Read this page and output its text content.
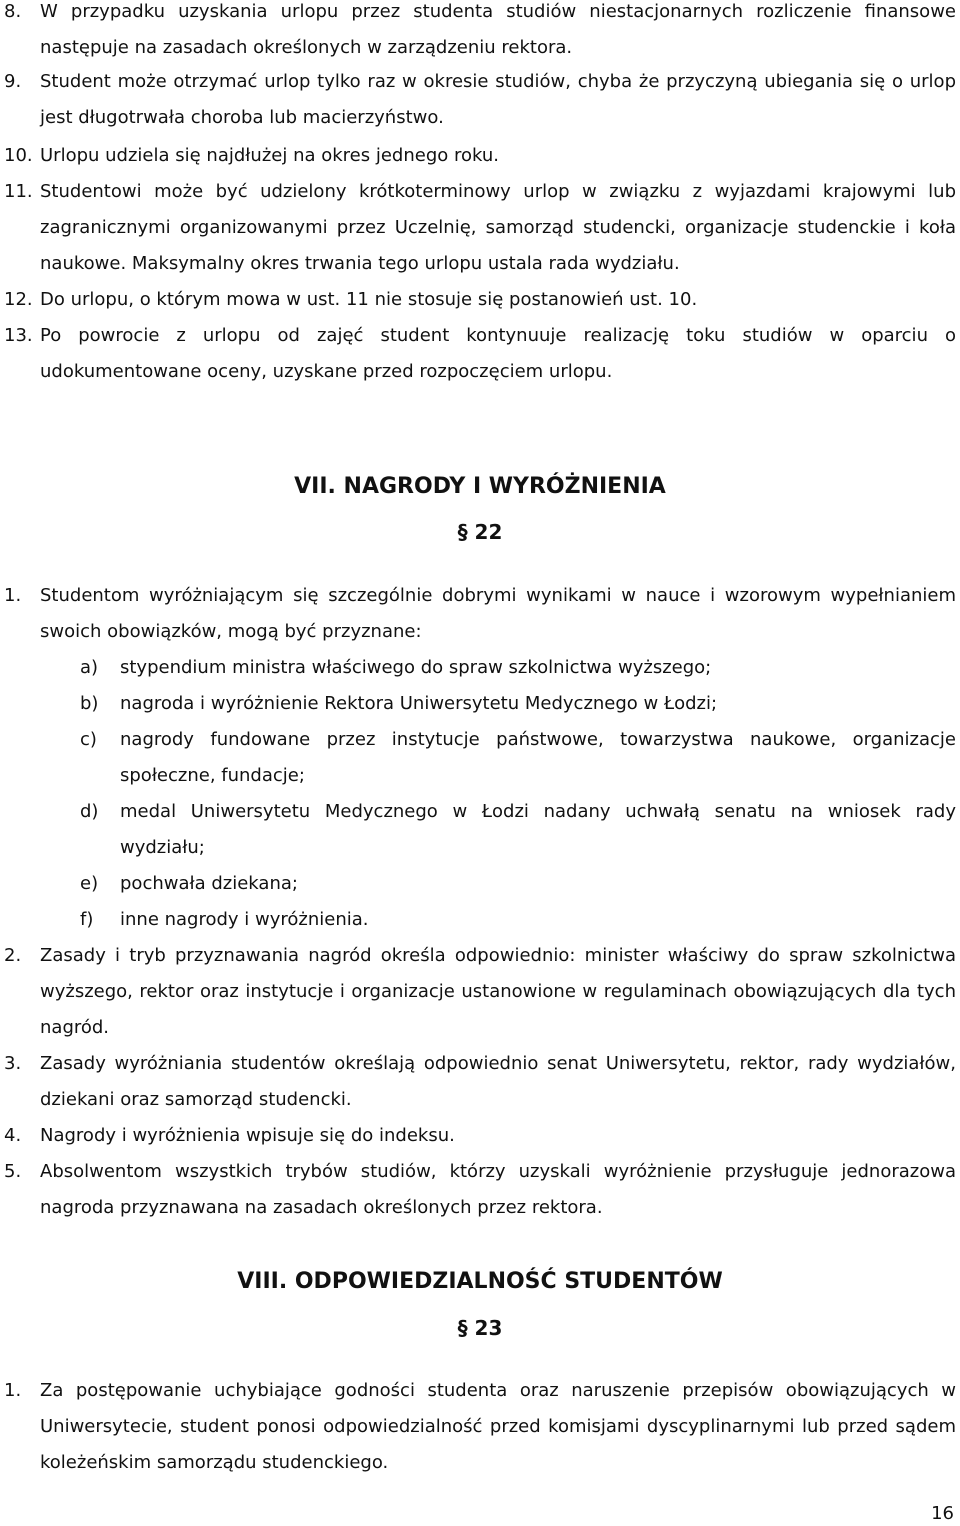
8. W przypadku uzyskania urlopu przez studenta studiów niestacjonarnych rozliczenie finansowe następuje na zasadach określonych w zarządzeniu rektora.
9. Student może otrzymać urlop tylko raz w okresie studiów, chyba że przyczyną ubiegania się o urlop jest długotrwała choroba lub macierzyństwo.
10. Urlopu udziela się najdłużej na okres jednego roku.
11. Studentowi może być udzielony krótkoterminowy urlop w związku z wyjazdami krajowymi lub zagranicznymi organizowanymi przez Uczelnię, samorząd studencki, organizacje studenckie i koła naukowe. Maksymalny okres trwania tego urlopu ustala rada wydziału.
12. Do urlopu, o którym mowa w ust. 11 nie stosuje się postanowień ust. 10.
13. Po powrocie z urlopu od zajęć student kontynuuje realizację toku studiów w oparciu o udokumentowane oceny, uzyskane przed rozpoczęciem urlopu.
VII. NAGRODY I WYRÓŻNIENIA
§ 22
1. Studentom wyróżniającym się szczególnie dobrymi wynikami w nauce i wzorowym wypełnianiem swoich obowiązków, mogą być przyznane:
a) stypendium ministra właściwego do spraw szkolnictwa wyższego;
b) nagroda i wyróżnienie Rektora Uniwersytetu Medycznego w Łodzi;
c) nagrody fundowane przez instytucje państwowe, towarzystwa naukowe, organizacje społeczne, fundacje;
d) medal Uniwersytetu Medycznego w Łodzi nadany uchwałą senatu na wniosek rady wydziału;
e) pochwała dziekana;
f) inne nagrody i wyróżnienia.
2. Zasady i tryb przyznawania nagród określa odpowiednio: minister właściwy do spraw szkolnictwa wyższego, rektor oraz instytucje i organizacje ustanowione w regulaminach obowiązujących dla tych nagród.
3. Zasady wyróżniania studentów określają odpowiednio senat Uniwersytetu, rektor, rady wydziałów, dziekani oraz samorząd studencki.
4. Nagrody i wyróżnienia wpisuje się do indeksu.
5. Absolwentom wszystkich trybów studiów, którzy uzyskali wyróżnienie przysługuje jednorazowa nagroda przyznawana na zasadach określonych przez rektora.
VIII. ODPOWIEDZIALNOŚĆ STUDENTÓW
§ 23
1. Za postępowanie uchybiające godności studenta oraz naruszenie przepisów obowiązujących w Uniwersytecie, student ponosi odpowiedzialność przed komisjami dyscyplinarnymi lub przed sądem koleżeńskim samorządu studenckiego.
16
